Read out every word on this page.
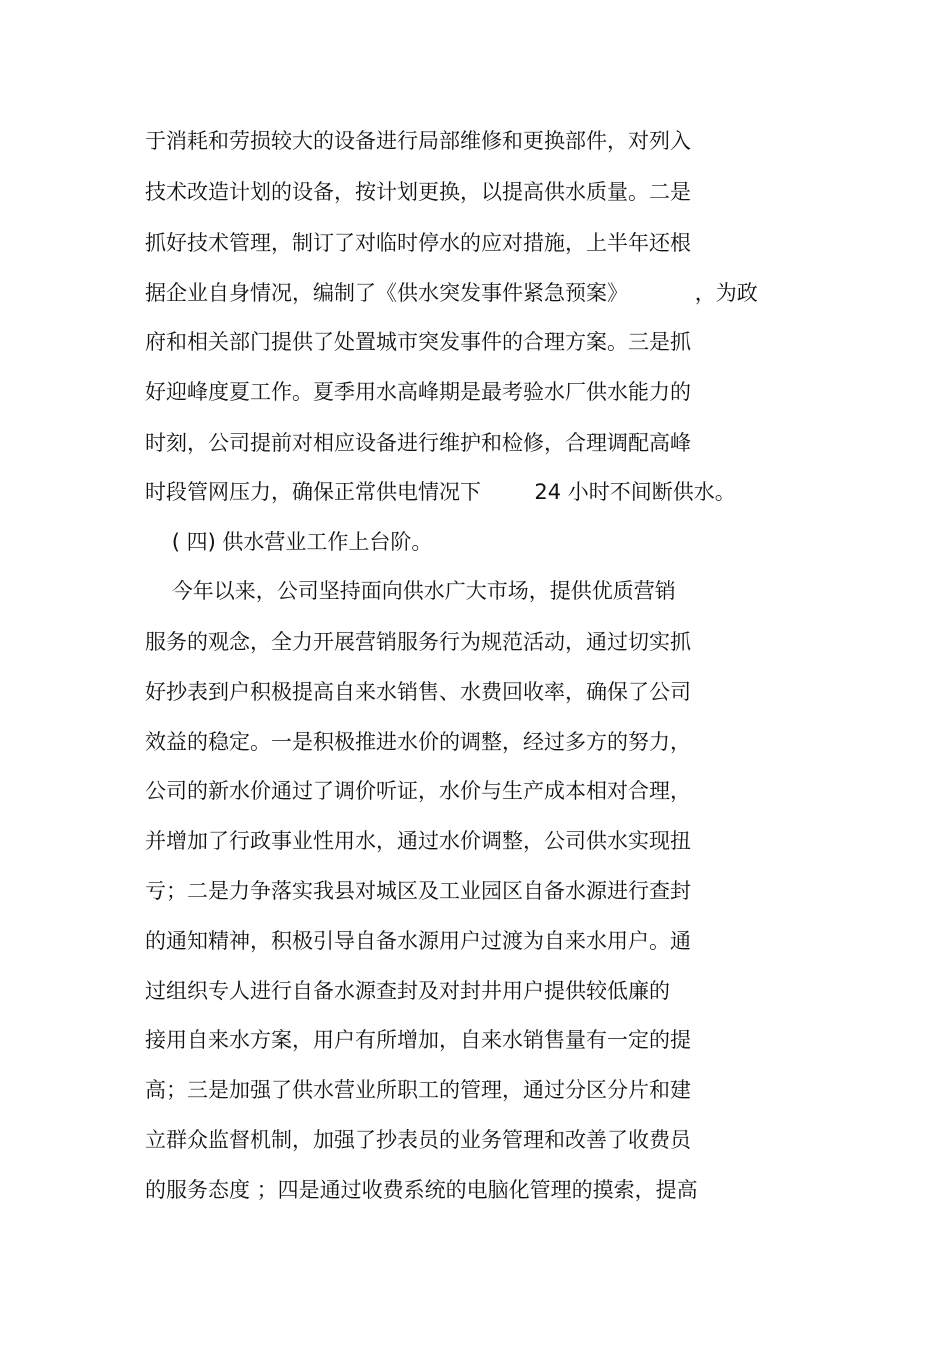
于消耗和劳损较大的设备进行局部维修和更换部件，对列入
技术改造计划的设备，按计划更换，以提高供水质量。二是
抓好技术管理，制订了对临时停水的应对措施，上半年还根
据企业自身情况，编制了《供水突发事件紧急预案》          ，为政
府和相关部门提供了处置城市突发事件的合理方案。三是抓
好迎峰度夏工作。夏季用水高峰期是最考验水厂供水能力的
时刻，公司提前对相应设备进行维护和检修，合理调配高峰
时段管网压力，确保正常供电情况下        24 小时不间断供水。
( 四) 供水营业工作上台阶。
今年以来，公司坚持面向供水广大市场，提供优质营销
服务的观念，全力开展营销服务行为规范活动，通过切实抓
好抄表到户积极提高自来水销售、水费回收率，确保了公司
效益的稳定。一是积极推进水价的调整，经过多方的努力，
公司的新水价通过了调价听证，水价与生产成本相对合理，
并增加了行政事业性用水，通过水价调整，公司供水实现扭
亏；二是力争落实我县对城区及工业园区自备水源进行查封
的通知精神，积极引导自备水源用户过渡为自来水用户。通
过组织专人进行自备水源查封及对封井用户提供较低廉的
接用自来水方案，用户有所增加，自来水销售量有一定的提
高；三是加强了供水营业所职工的管理，通过分区分片和建
立群众监督机制，加强了抄表员的业务管理和改善了收费员
的服务态度 ；四是通过收费系统的电脑化管理的摸索，提高
